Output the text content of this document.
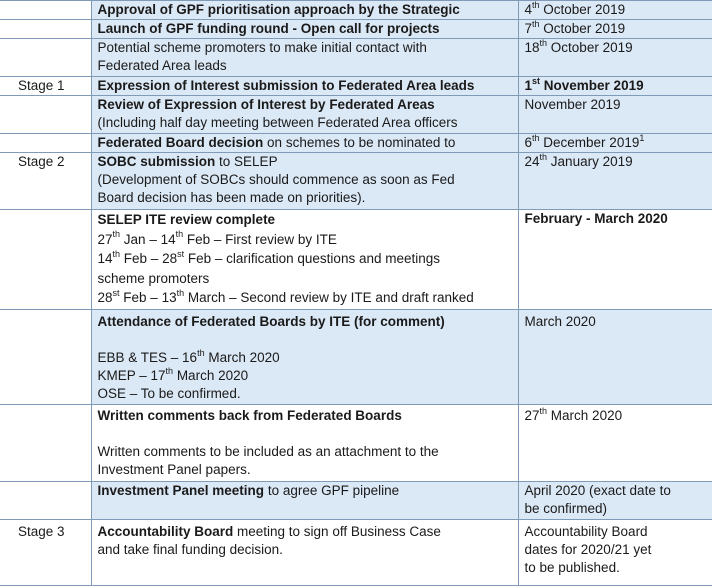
	Approval of GPF prioritisation approach by the Strategic	4th October 2019

	Launch of GPF funding round - Open call for projects	7th October 2019

	Potential scheme promoters to make initial contact with
Federated Area leads	18th October 2019

Stage 1	Expression of Interest submission to Federated Area leads	1st November 2019

	Review of Expression of Interest by Federated Areas
(Including half day meeting between Federated Area officers	November 2019

	Federated Board decision on schemes to be nominated to	6th December 2019$^1$

Stage 2	SOBC submission to SELEP
(Development of SOBCs should commence as soon as Fed
Board decision has been made on priorities).	24th January 2019

	SELEP ITE review complete
27th Jan – 14th Feb – First review by ITE
14th Feb – 28st Feb – clarification questions and meetings
scheme promoters
28st Feb – 13th March – Second review by ITE and draft ranked	February - March 2020

	Attendance of Federated Boards by ITE (for comment)
EBB & TES – 16th March 2020
KMEP – 17th March 2020
OSE – To be confirmed.	March 2020

	Written comments back from Federated Boards
Written comments to be included as an attachment to the
Investment Panel papers.	27th March 2020

	Investment Panel meeting to agree GPF pipeline	April 2020 (exact date to
be confirmed)

Stage 3	Accountability Board meeting to sign off Business Case
and take final funding decision.	Accountability Board
dates for 2020/21 yet
to be published.
